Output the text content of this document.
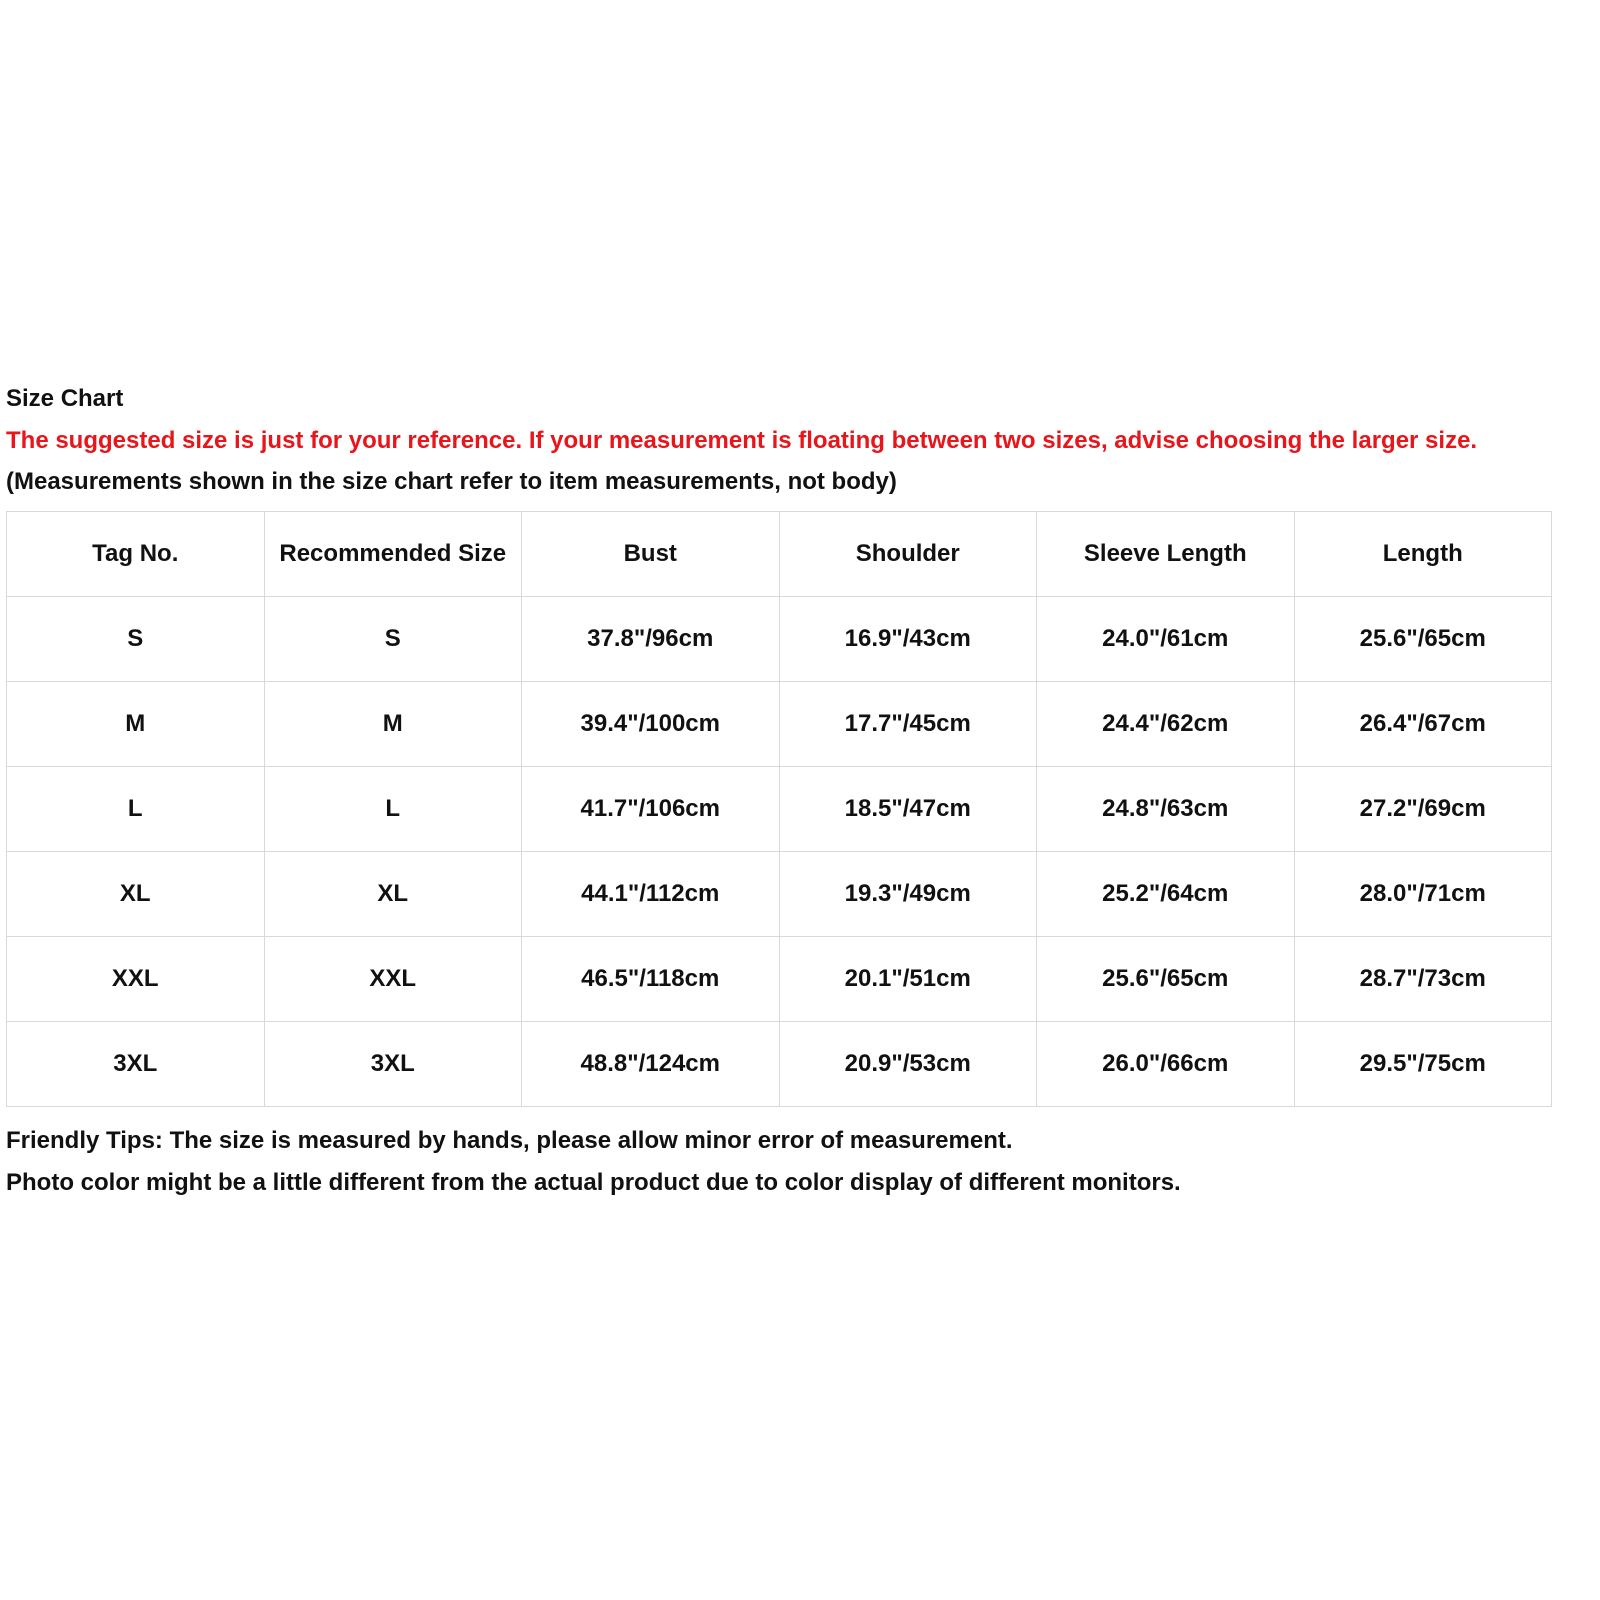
Size Chart
The suggested size is just for your reference. If your measurement is floating between two sizes, advise choosing the larger size.
(Measurements shown in the size chart refer to item measurements, not body)
Tag No.	Recommended Size	Bust	Shoulder	Sleeve Length	Length
S	S	37.8"/96cm	16.9"/43cm	24.0"/61cm	25.6"/65cm
M	M	39.4"/100cm	17.7"/45cm	24.4"/62cm	26.4"/67cm
L	L	41.7"/106cm	18.5"/47cm	24.8"/63cm	27.2"/69cm
XL	XL	44.1"/112cm	19.3"/49cm	25.2"/64cm	28.0"/71cm
XXL	XXL	46.5"/118cm	20.1"/51cm	25.6"/65cm	28.7"/73cm
3XL	3XL	48.8"/124cm	20.9"/53cm	26.0"/66cm	29.5"/75cm
Friendly Tips: The size is measured by hands, please allow minor error of measurement.
Photo color might be a little different from the actual product due to color display of different monitors.
